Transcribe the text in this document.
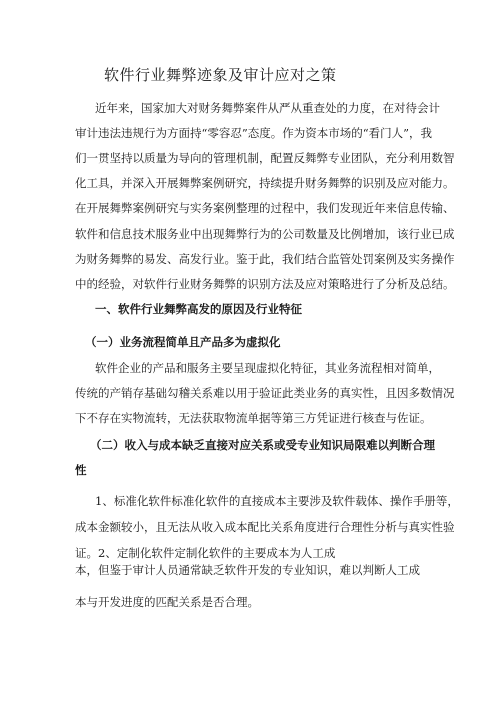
软件行业舞弊迹象及审计应对之策
近年来，国家加大对财务舞弊案件从严从重查处的力度，在对待会计
审计违法违规行为方面持“零容忍”态度。作为资本市场的“看门人”，我
们一贯坚持以质量为导向的管理机制，配置反舞弊专业团队，充分利用数智
化工具，并深入开展舞弊案例研究，持续提升财务舞弊的识别及应对能力。
在开展舞弊案例研究与实务案例整理的过程中，我们发现近年来信息传输、
软件和信息技术服务业中出现舞弊行为的公司数量及比例增加，该行业已成
为财务舞弊的易发、高发行业。鉴于此，我们结合监管处罚案例及实务操作
中的经验，对软件行业财务舞弊的识别方法及应对策略进行了分析及总结。
一、软件行业舞弊高发的原因及行业特征
（一）业务流程简单且产品多为虚拟化
软件企业的产品和服务主要呈现虚拟化特征，其业务流程相对简单，
传统的产销存基础勾稽关系难以用于验证此类业务的真实性，且因多数情况
下不存在实物流转，无法获取物流单据等第三方凭证进行核查与佐证。
（二）收入与成本缺乏直接对应关系或受专业知识局限难以判断合理
性
1、标准化软件标准化软件的直接成本主要涉及软件载体、操作手册等，
成本金额较小，且无法从收入成本配比关系角度进行合理性分析与真实性验
证。2、定制化软件定制化软件的主要成本为人工成
本，但鉴于审计人员通常缺乏软件开发的专业知识，难以判断人工成
本与开发进度的匹配关系是否合理。
